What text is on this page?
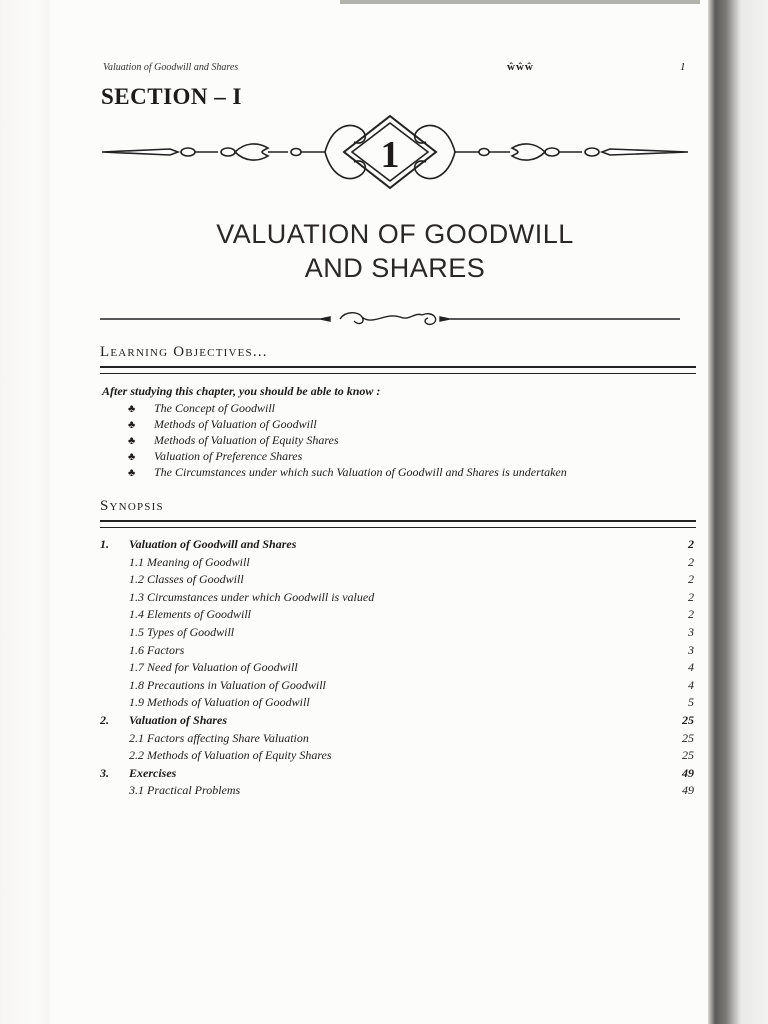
Valuation of Goodwill and Shares	ŵŵŵ	1
SECTION – I
1
VALUATION OF GOODWILL
AND SHARES
Learning Objectives...
After studying this chapter, you should be able to know :
♣ The Concept of Goodwill
♣ Methods of Valuation of Goodwill
♣ Methods of Valuation of Equity Shares
♣ Valuation of Preference Shares
♣ The Circumstances under which such Valuation of Goodwill and Shares is undertaken
Synopsis
1. Valuation of Goodwill and Shares	2
1.1 Meaning of Goodwill	2
1.2 Classes of Goodwill	2
1.3 Circumstances under which Goodwill is valued	2
1.4 Elements of Goodwill	2
1.5 Types of Goodwill	3
1.6 Factors	3
1.7 Need for Valuation of Goodwill	4
1.8 Precautions in Valuation of Goodwill	4
1.9 Methods of Valuation of Goodwill	5
2. Valuation of Shares	25
2.1 Factors affecting Share Valuation	25
2.2 Methods of Valuation of Equity Shares	25
3. Exercises	49
3.1 Practical Problems	49
